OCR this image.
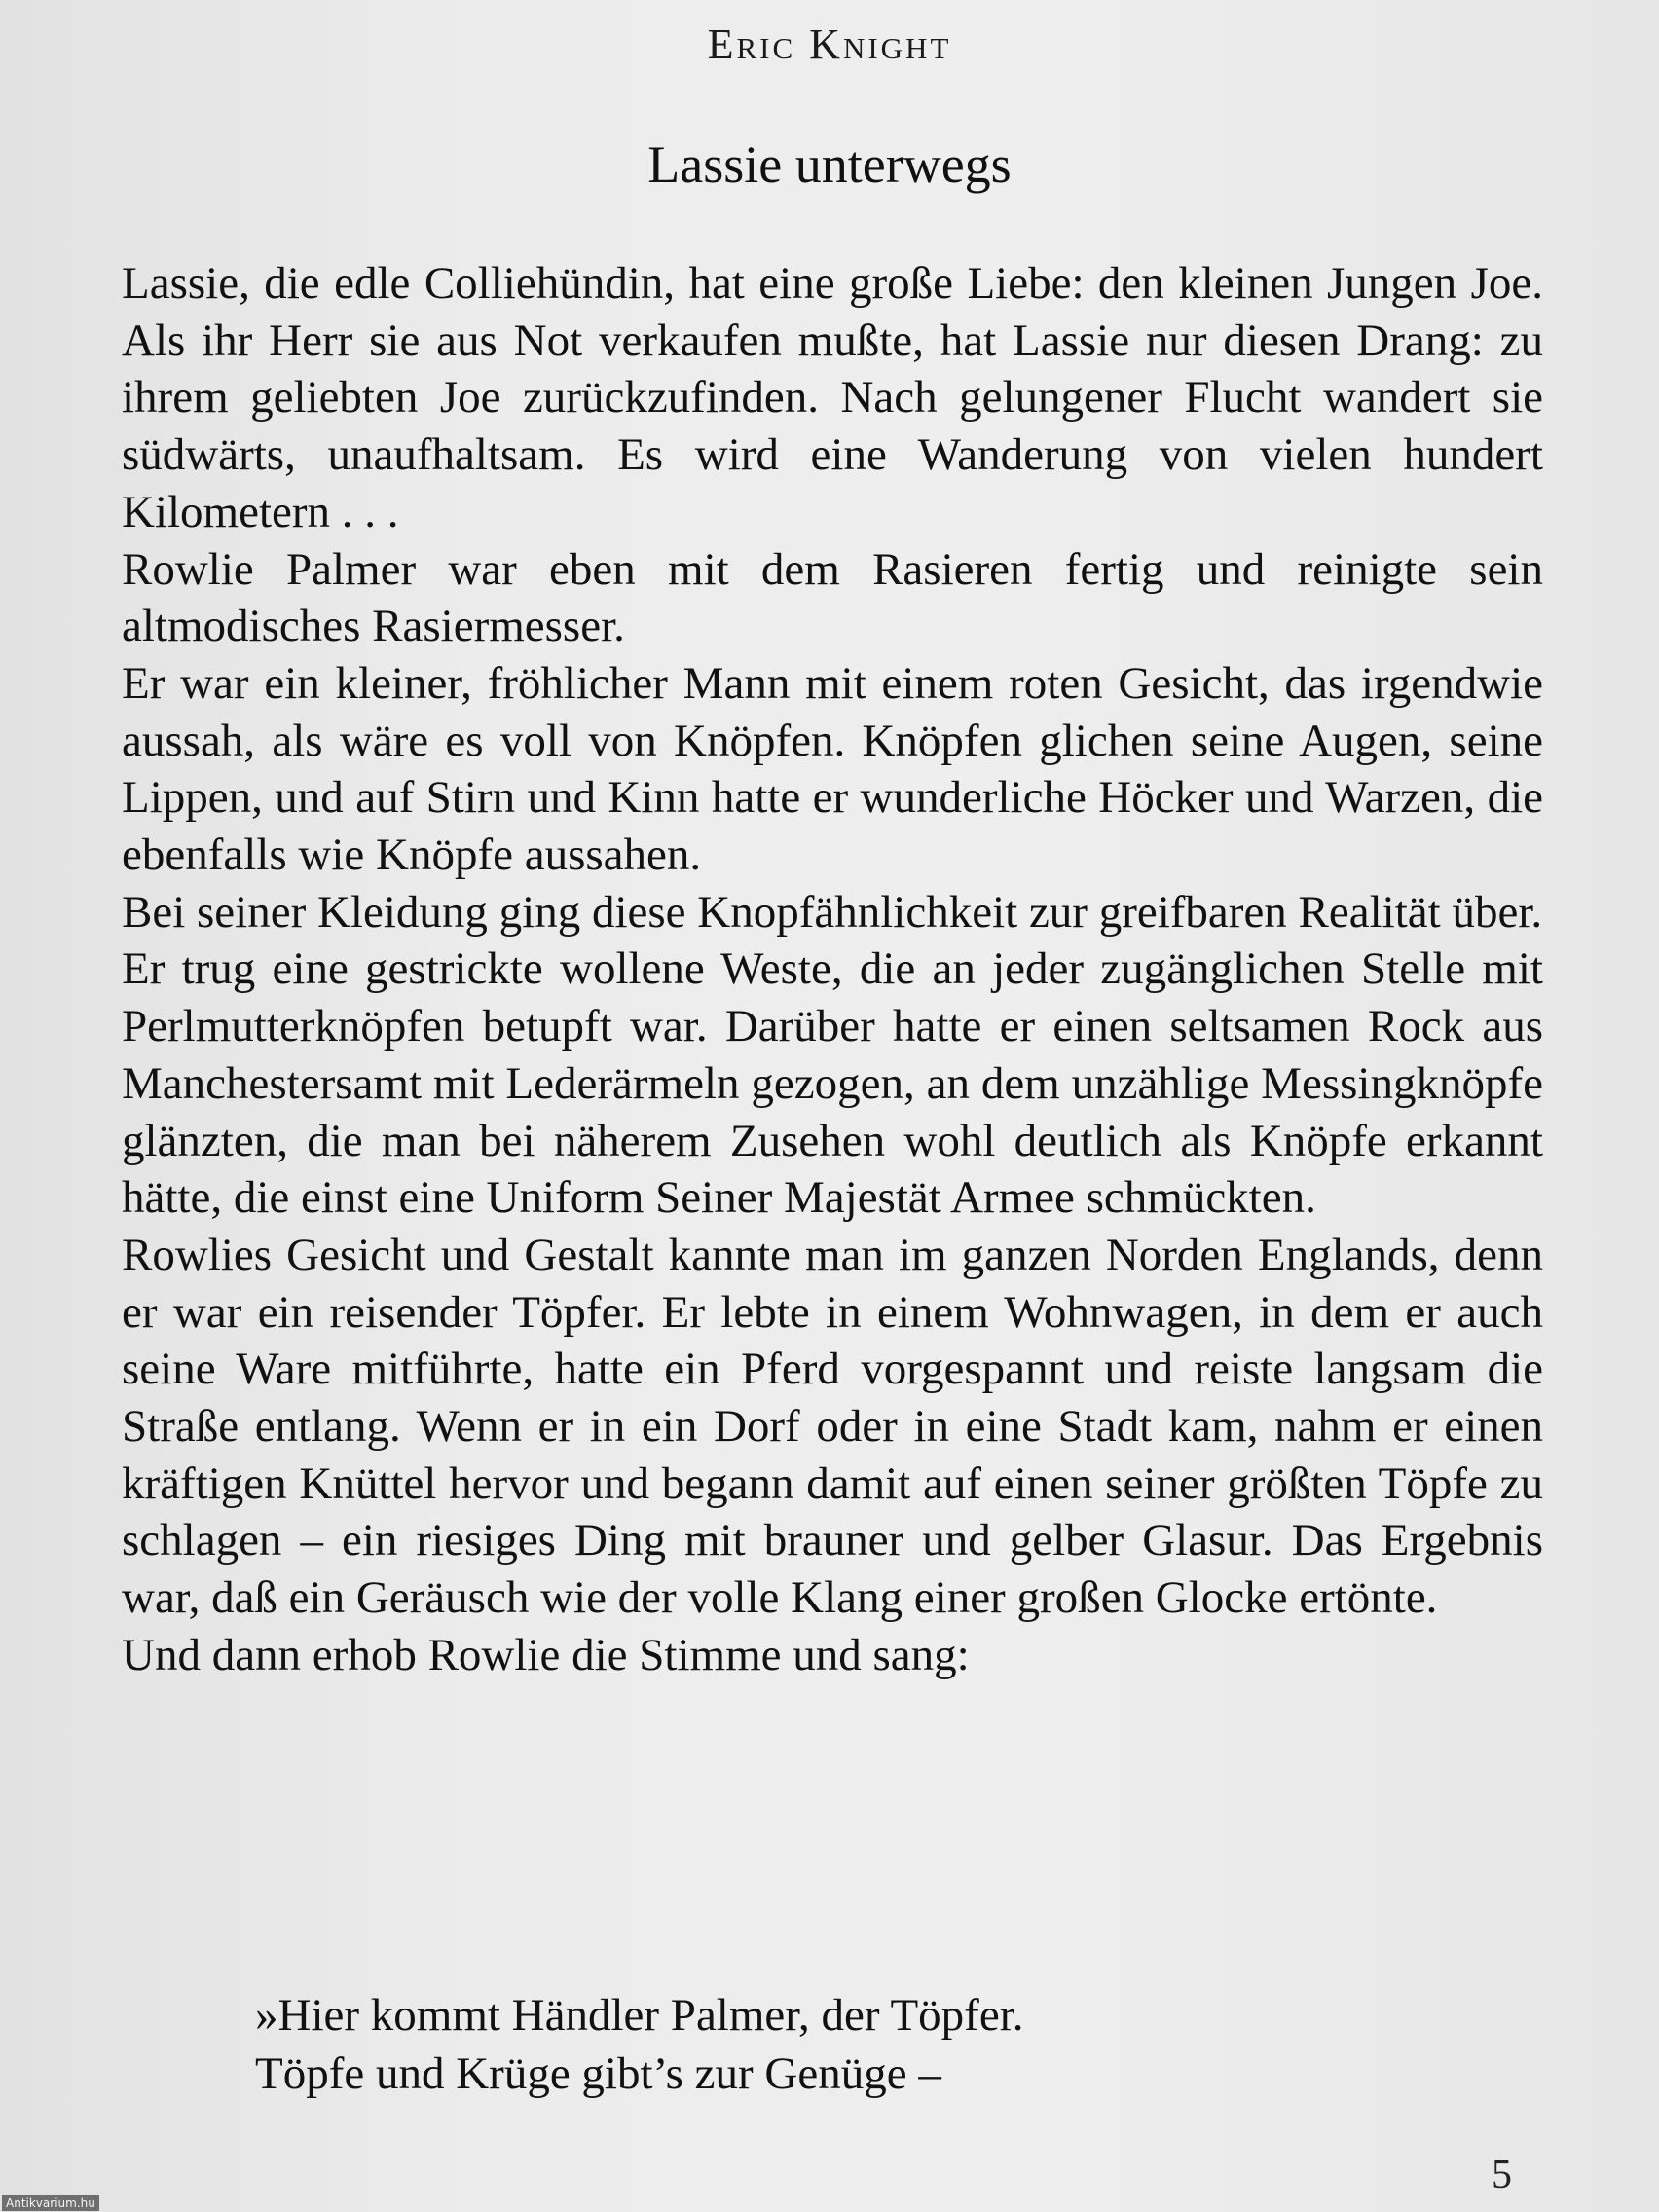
Eric Knight
Lassie unterwegs

Lassie, die edle Colliehündin, hat eine große Liebe: den kleinen Jungen Joe. Als ihr Herr sie aus Not verkaufen mußte, hat Lassie nur diesen Drang: zu ihrem geliebten Joe zurückzufinden. Nach gelungener Flucht wandert sie südwärts, unaufhaltsam. Es wird eine Wanderung von vielen hundert Kilometern . . .

Rowlie Palmer war eben mit dem Rasieren fertig und reinigte sein altmodisches Rasiermesser.

Er war ein kleiner, fröhlicher Mann mit einem roten Gesicht, das irgendwie aussah, als wäre es voll von Knöpfen. Knöpfen glichen seine Augen, seine Lippen, und auf Stirn und Kinn hatte er wunderliche Höcker und Warzen, die ebenfalls wie Knöpfe aussahen.

Bei seiner Kleidung ging diese Knopfähnlichkeit zur greifbaren Realität über.

Er trug eine gestrickte wollene Weste, die an jeder zugänglichen Stelle mit Perlmutterknöpfen betupft war. Darüber hatte er einen seltsamen Rock aus Manchestersamt mit Lederärmeln gezogen, an dem unzählige Messingknöpfe glänzten, die man bei näherem Zusehen wohl deutlich als Knöpfe erkannt hätte, die einst eine Uniform Seiner Majestät Armee schmückten.

Rowlies Gesicht und Gestalt kannte man im ganzen Norden Englands, denn er war ein reisender Töpfer. Er lebte in einem Wohnwagen, in dem er auch seine Ware mitführte, hatte ein Pferd vorgespannt und reiste langsam die Straße entlang. Wenn er in ein Dorf oder in eine Stadt kam, nahm er einen kräftigen Knüttel hervor und begann damit auf einen seiner größten Töpfe zu schlagen – ein riesiges Ding mit brauner und gelber Glasur. Das Ergebnis war, daß ein Geräusch wie der volle Klang einer großen Glocke ertönte.

Und dann erhob Rowlie die Stimme und sang:

»Hier kommt Händler Palmer, der Töpfer.
Töpfe und Krüge gibt’s zur Genüge –
5
Antikvarium.hu
